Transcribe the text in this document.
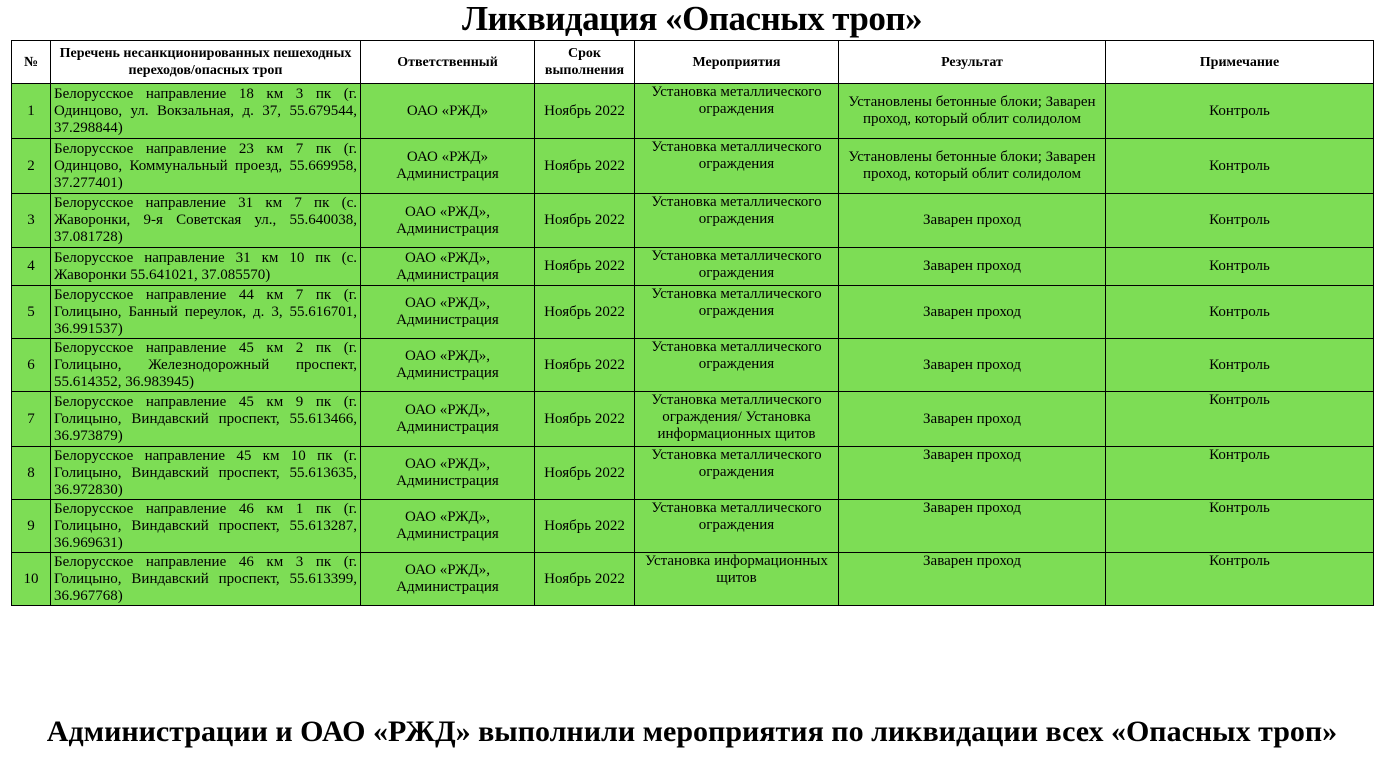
Ликвидация «Опасных троп»
№	Перечень несанкционированных пешеходных переходов/опасных троп	Ответственный	Срок выполнения	Мероприятия	Результат	Примечание
1	Белорусское направление 18 км 3 пк (г. Одинцово, ул. Вокзальная, д. 37, 55.679544, 37.298844)	ОАО «РЖД»	Ноябрь 2022	Установка металлического ограждения	Установлены бетонные блоки; Заварен проход, который облит солидолом	Контроль
2	Белорусское направление 23 км 7 пк (г. Одинцово, Коммунальный проезд, 55.669958, 37.277401)	ОАО «РЖД» Администрация	Ноябрь 2022	Установка металлического ограждения	Установлены бетонные блоки; Заварен проход, который облит солидолом	Контроль
3	Белорусское направление 31 км 7 пк (с. Жаворонки, 9-я Советская ул., 55.640038, 37.081728)	ОАО «РЖД», Администрация	Ноябрь 2022	Установка металлического ограждения	Заварен проход	Контроль
4	Белорусское направление 31 км 10 пк (с. Жаворонки 55.641021, 37.085570)	ОАО «РЖД», Администрация	Ноябрь 2022	Установка металлического ограждения	Заварен проход	Контроль
5	Белорусское направление 44 км 7 пк (г. Голицыно, Банный переулок, д. 3, 55.616701, 36.991537)	ОАО «РЖД», Администрация	Ноябрь 2022	Установка металлического ограждения	Заварен проход	Контроль
6	Белорусское направление 45 км 2 пк (г. Голицыно, Железнодорожный проспект, 55.614352, 36.983945)	ОАО «РЖД», Администрация	Ноябрь 2022	Установка металлического ограждения	Заварен проход	Контроль
7	Белорусское направление 45 км 9 пк (г. Голицыно, Виндавский проспект, 55.613466, 36.973879)	ОАО «РЖД», Администрация	Ноябрь 2022	Установка металлического ограждения/ Установка информационных щитов	Заварен проход	Контроль
8	Белорусское направление 45 км 10 пк (г. Голицыно, Виндавский проспект, 55.613635, 36.972830)	ОАО «РЖД», Администрация	Ноябрь 2022	Установка металлического ограждения	Заварен проход	Контроль
9	Белорусское направление 46 км 1 пк (г. Голицыно, Виндавский проспект, 55.613287, 36.969631)	ОАО «РЖД», Администрация	Ноябрь 2022	Установка металлического ограждения	Заварен проход	Контроль
10	Белорусское направление 46 км 3 пк (г. Голицыно, Виндавский проспект, 55.613399, 36.967768)	ОАО «РЖД», Администрация	Ноябрь 2022	Установка информационных щитов	Заварен проход	Контроль
Администрации и ОАО «РЖД» выполнили мероприятия по ликвидации всех «Опасных троп»
